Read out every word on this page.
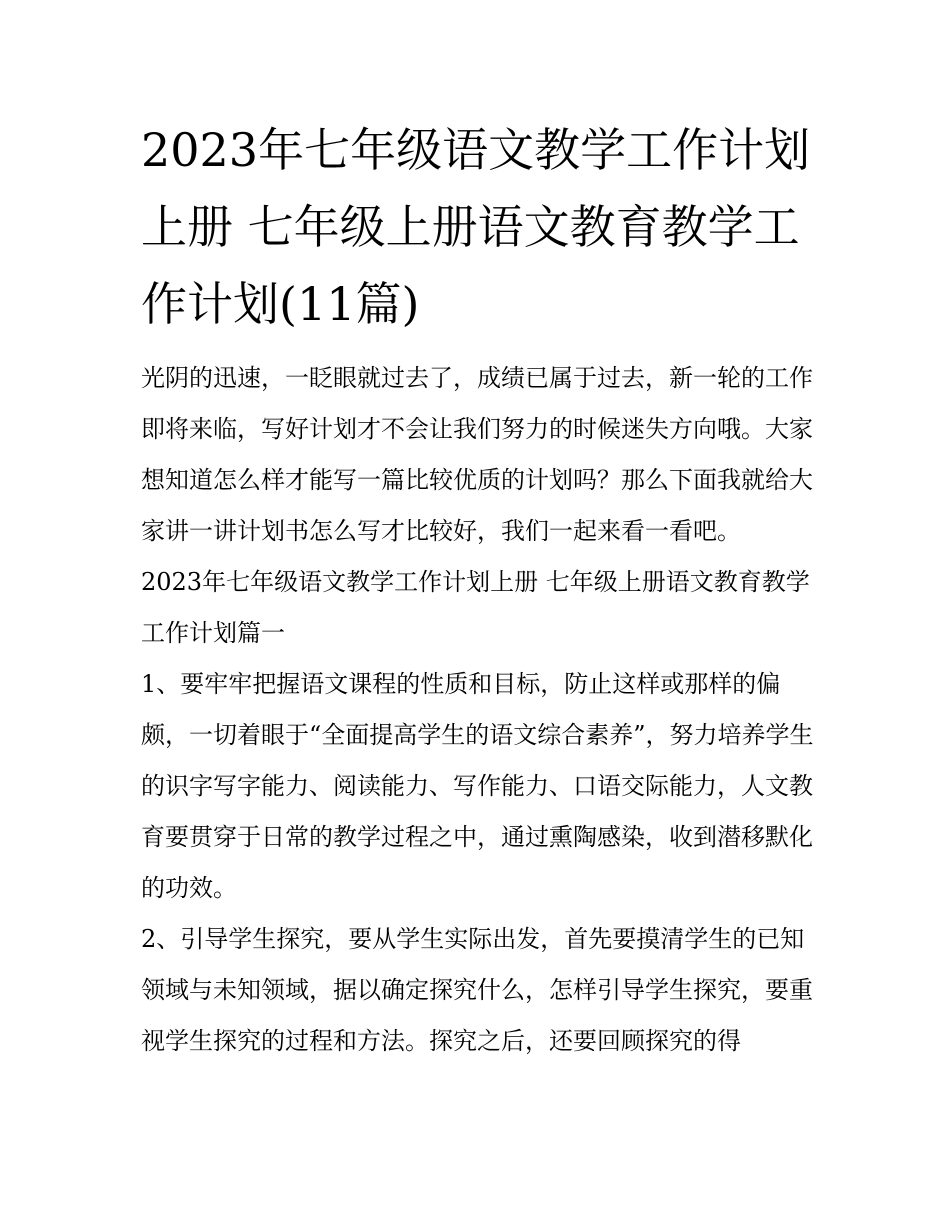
2023年七年级语文教学工作计划上册 七年级上册语文教育教学工作计划(11篇)

光阴的迅速，一眨眼就过去了，成绩已属于过去，新一轮的工作即将来临，写好计划才不会让我们努力的时候迷失方向哦。大家想知道怎么样才能写一篇比较优质的计划吗？那么下面我就给大家讲一讲计划书怎么写才比较好，我们一起来看一看吧。

2023年七年级语文教学工作计划上册 七年级上册语文教育教学工作计划篇一

1、要牢牢把握语文课程的性质和目标，防止这样或那样的偏颇，一切着眼于“全面提高学生的语文综合素养”，努力培养学生的识字写字能力、阅读能力、写作能力、口语交际能力，人文教育要贯穿于日常的教学过程之中，通过熏陶感染，收到潜移默化的功效。

2、引导学生探究，要从学生实际出发，首先要摸清学生的已知领域与未知领域，据以确定探究什么，怎样引导学生探究，要重视学生探究的过程和方法。探究之后，还要回顾探究的得
